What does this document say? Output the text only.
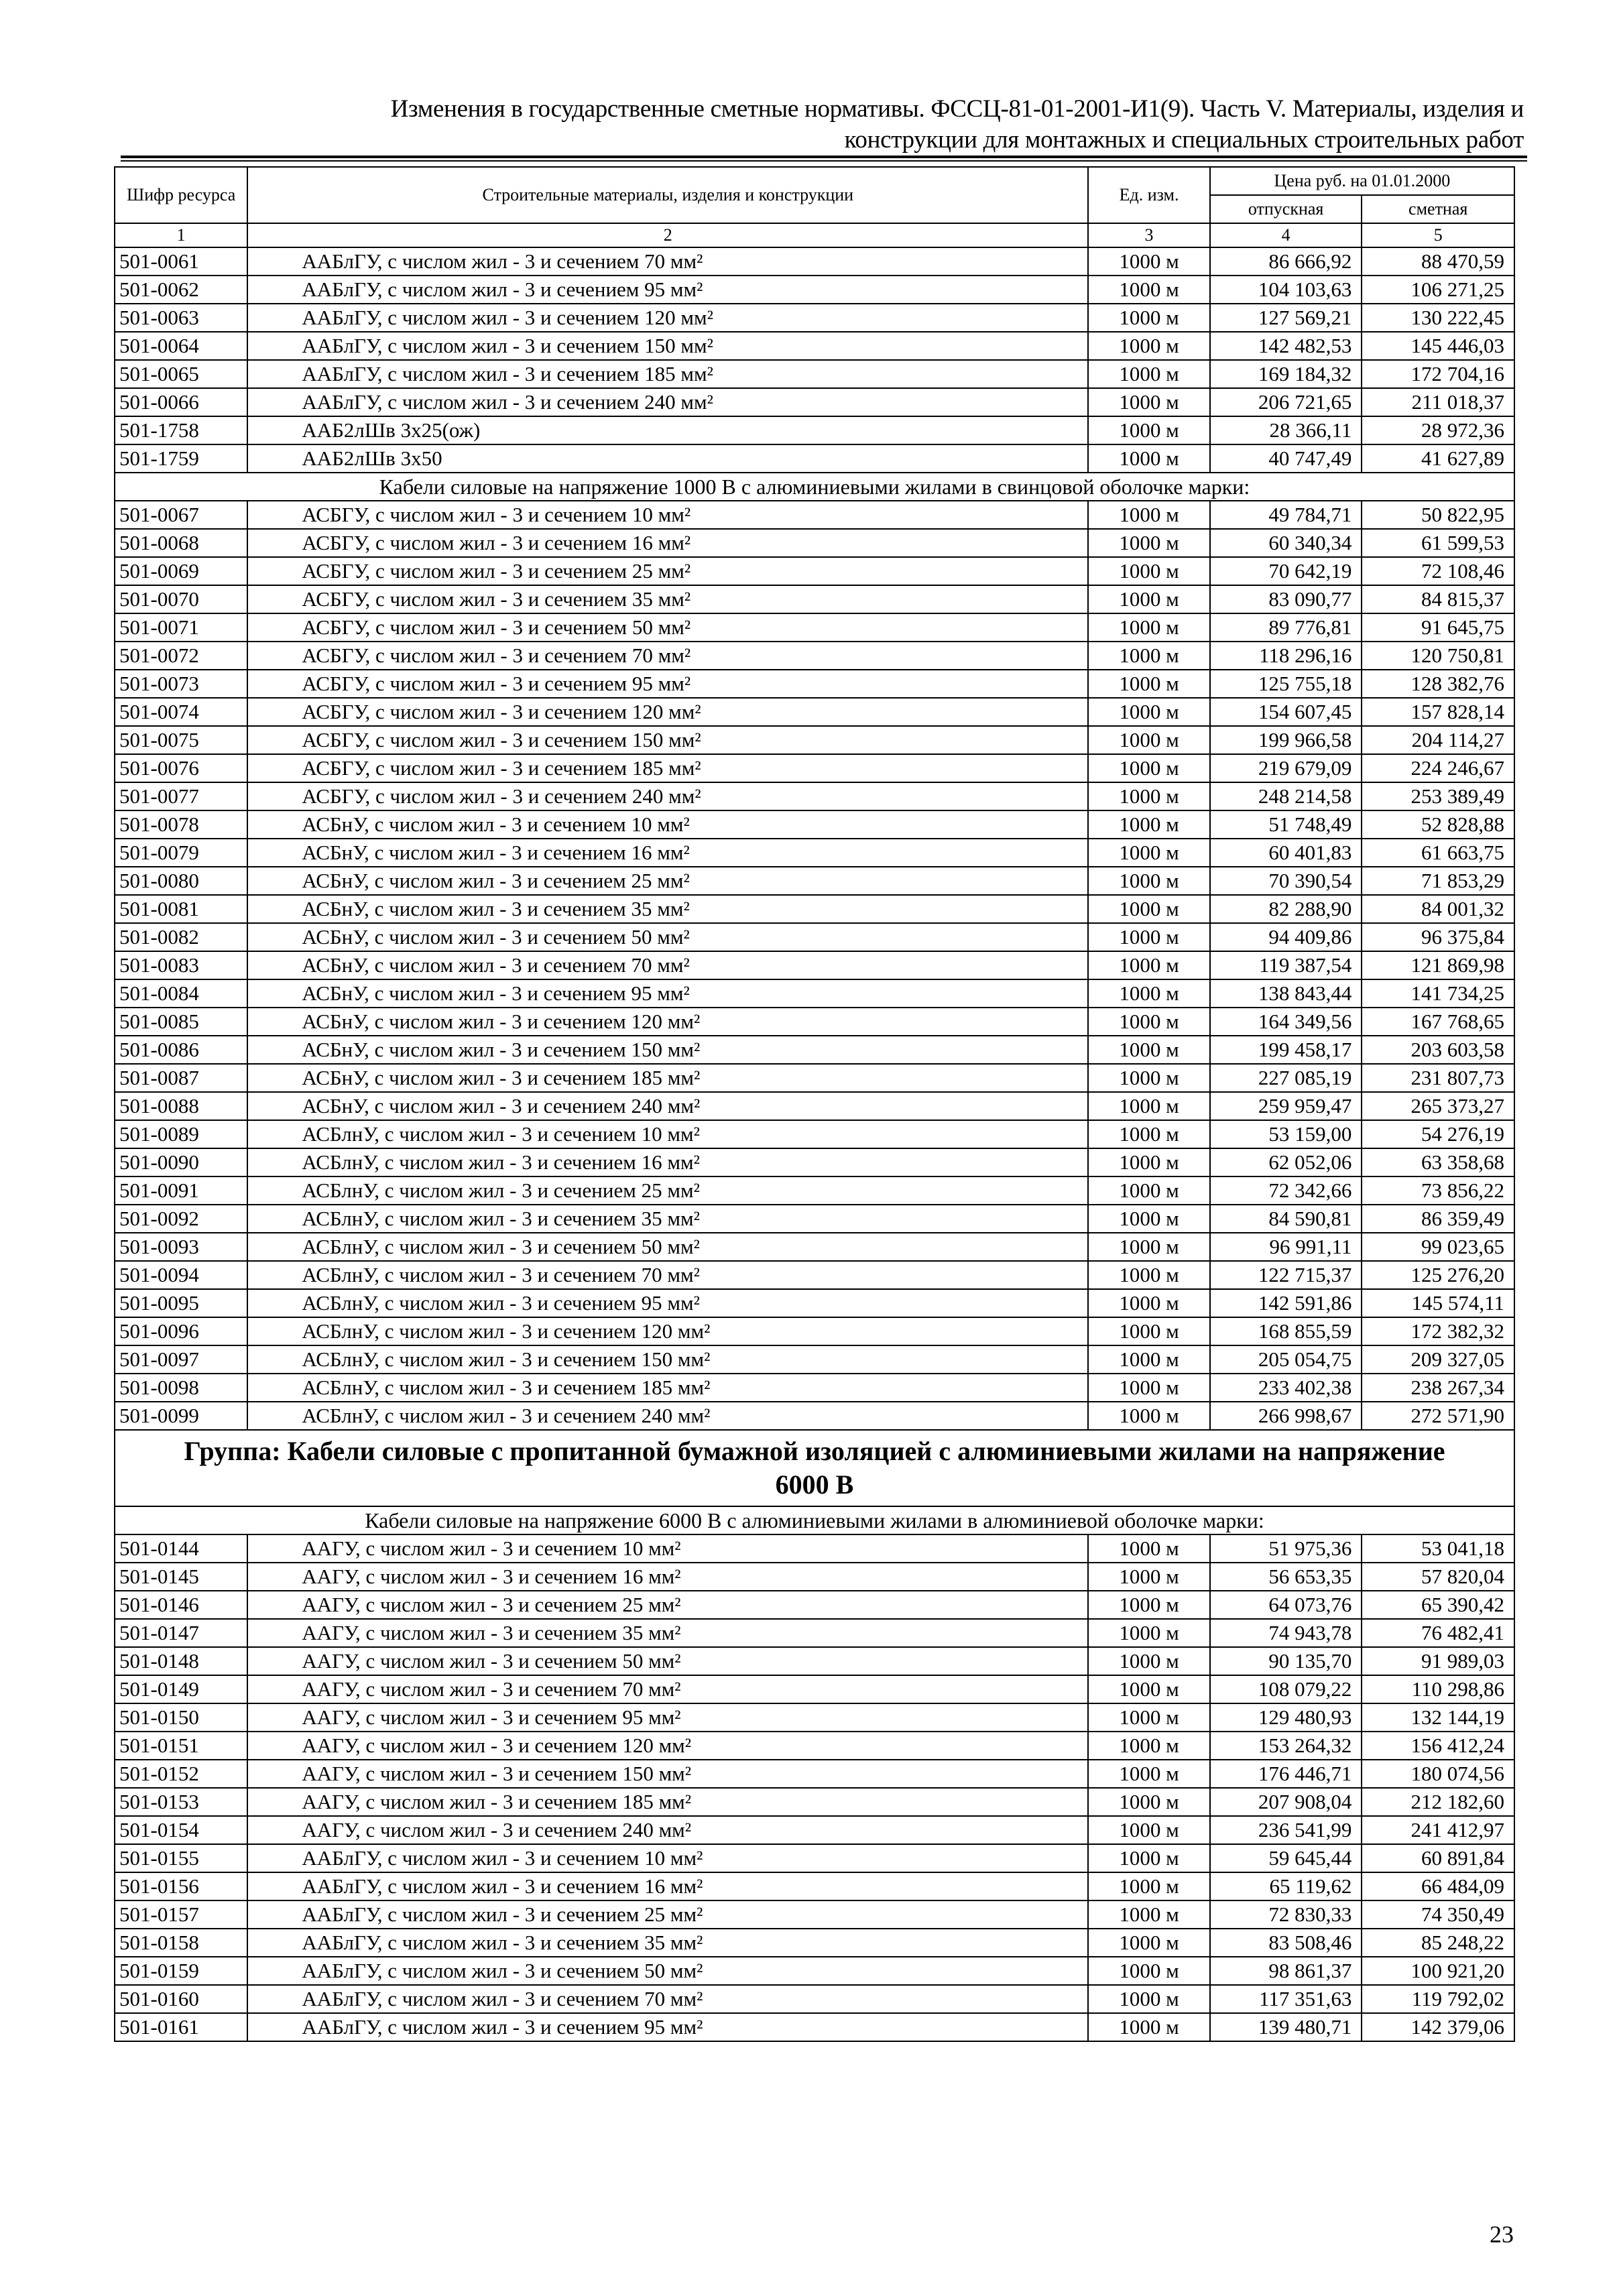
Изменения в государственные сметные нормативы. ФССЦ-81-01-2001-И1(9). Часть V. Материалы, изделия и
конструкции для монтажных и специальных строительных работ
Шифр ресурса	Строительные материалы, изделия и конструкции	Ед. изм.	Цена руб. на 01.01.2000	
			отпускная	сметная
1	2	3	4	5
501-0061	ААБлГУ, с числом жил - 3 и сечением 70 мм²	1000 м	86 666,92	88 470,59
501-0062	ААБлГУ, с числом жил - 3 и сечением 95 мм²	1000 м	104 103,63	106 271,25
501-0063	ААБлГУ, с числом жил - 3 и сечением 120 мм²	1000 м	127 569,21	130 222,45
501-0064	ААБлГУ, с числом жил - 3 и сечением 150 мм²	1000 м	142 482,53	145 446,03
501-0065	ААБлГУ, с числом жил - 3 и сечением 185 мм²	1000 м	169 184,32	172 704,16
501-0066	ААБлГУ, с числом жил - 3 и сечением 240 мм²	1000 м	206 721,65	211 018,37
501-1758	ААБ2лШв 3х25(ож)	1000 м	28 366,11	28 972,36
501-1759	ААБ2лШв 3х50	1000 м	40 747,49	41 627,89
Кабели силовые на напряжение 1000 В с алюминиевыми жилами в свинцовой оболочке марки:				
501-0067	АСБГУ, с числом жил - 3 и сечением 10 мм²	1000 м	49 784,71	50 822,95
501-0068	АСБГУ, с числом жил - 3 и сечением 16 мм²	1000 м	60 340,34	61 599,53
501-0069	АСБГУ, с числом жил - 3 и сечением 25 мм²	1000 м	70 642,19	72 108,46
501-0070	АСБГУ, с числом жил - 3 и сечением 35 мм²	1000 м	83 090,77	84 815,37
501-0071	АСБГУ, с числом жил - 3 и сечением 50 мм²	1000 м	89 776,81	91 645,75
501-0072	АСБГУ, с числом жил - 3 и сечением 70 мм²	1000 м	118 296,16	120 750,81
501-0073	АСБГУ, с числом жил - 3 и сечением 95 мм²	1000 м	125 755,18	128 382,76
501-0074	АСБГУ, с числом жил - 3 и сечением 120 мм²	1000 м	154 607,45	157 828,14
501-0075	АСБГУ, с числом жил - 3 и сечением 150 мм²	1000 м	199 966,58	204 114,27
501-0076	АСБГУ, с числом жил - 3 и сечением 185 мм²	1000 м	219 679,09	224 246,67
501-0077	АСБГУ, с числом жил - 3 и сечением 240 мм²	1000 м	248 214,58	253 389,49
501-0078	АСБнУ, с числом жил - 3 и сечением 10 мм²	1000 м	51 748,49	52 828,88
501-0079	АСБнУ, с числом жил - 3 и сечением 16 мм²	1000 м	60 401,83	61 663,75
501-0080	АСБнУ, с числом жил - 3 и сечением 25 мм²	1000 м	70 390,54	71 853,29
501-0081	АСБнУ, с числом жил - 3 и сечением 35 мм²	1000 м	82 288,90	84 001,32
501-0082	АСБнУ, с числом жил - 3 и сечением 50 мм²	1000 м	94 409,86	96 375,84
501-0083	АСБнУ, с числом жил - 3 и сечением 70 мм²	1000 м	119 387,54	121 869,98
501-0084	АСБнУ, с числом жил - 3 и сечением 95 мм²	1000 м	138 843,44	141 734,25
501-0085	АСБнУ, с числом жил - 3 и сечением 120 мм²	1000 м	164 349,56	167 768,65
501-0086	АСБнУ, с числом жил - 3 и сечением 150 мм²	1000 м	199 458,17	203 603,58
501-0087	АСБнУ, с числом жил - 3 и сечением 185 мм²	1000 м	227 085,19	231 807,73
501-0088	АСБнУ, с числом жил - 3 и сечением 240 мм²	1000 м	259 959,47	265 373,27
501-0089	АСБлнУ, с числом жил - 3 и сечением 10 мм²	1000 м	53 159,00	54 276,19
501-0090	АСБлнУ, с числом жил - 3 и сечением 16 мм²	1000 м	62 052,06	63 358,68
501-0091	АСБлнУ, с числом жил - 3 и сечением 25 мм²	1000 м	72 342,66	73 856,22
501-0092	АСБлнУ, с числом жил - 3 и сечением 35 мм²	1000 м	84 590,81	86 359,49
501-0093	АСБлнУ, с числом жил - 3 и сечением 50 мм²	1000 м	96 991,11	99 023,65
501-0094	АСБлнУ, с числом жил - 3 и сечением 70 мм²	1000 м	122 715,37	125 276,20
501-0095	АСБлнУ, с числом жил - 3 и сечением 95 мм²	1000 м	142 591,86	145 574,11
501-0096	АСБлнУ, с числом жил - 3 и сечением 120 мм²	1000 м	168 855,59	172 382,32
501-0097	АСБлнУ, с числом жил - 3 и сечением 150 мм²	1000 м	205 054,75	209 327,05
501-0098	АСБлнУ, с числом жил - 3 и сечением 185 мм²	1000 м	233 402,38	238 267,34
501-0099	АСБлнУ, с числом жил - 3 и сечением 240 мм²	1000 м	266 998,67	272 571,90
Группа: Кабели силовые с пропитанной бумажной изоляцией с алюминиевыми жилами на напряжение 6000 В				
Кабели силовые на напряжение 6000 В с алюминиевыми жилами в алюминиевой оболочке марки:				
501-0144	ААГУ, с числом жил - 3 и сечением 10 мм²	1000 м	51 975,36	53 041,18
501-0145	ААГУ, с числом жил - 3 и сечением 16 мм²	1000 м	56 653,35	57 820,04
501-0146	ААГУ, с числом жил - 3 и сечением 25 мм²	1000 м	64 073,76	65 390,42
501-0147	ААГУ, с числом жил - 3 и сечением 35 мм²	1000 м	74 943,78	76 482,41
501-0148	ААГУ, с числом жил - 3 и сечением 50 мм²	1000 м	90 135,70	91 989,03
501-0149	ААГУ, с числом жил - 3 и сечением 70 мм²	1000 м	108 079,22	110 298,86
501-0150	ААГУ, с числом жил - 3 и сечением 95 мм²	1000 м	129 480,93	132 144,19
501-0151	ААГУ, с числом жил - 3 и сечением 120 мм²	1000 м	153 264,32	156 412,24
501-0152	ААГУ, с числом жил - 3 и сечением 150 мм²	1000 м	176 446,71	180 074,56
501-0153	ААГУ, с числом жил - 3 и сечением 185 мм²	1000 м	207 908,04	212 182,60
501-0154	ААГУ, с числом жил - 3 и сечением 240 мм²	1000 м	236 541,99	241 412,97
501-0155	ААБлГУ, с числом жил - 3 и сечением 10 мм²	1000 м	59 645,44	60 891,84
501-0156	ААБлГУ, с числом жил - 3 и сечением 16 мм²	1000 м	65 119,62	66 484,09
501-0157	ААБлГУ, с числом жил - 3 и сечением 25 мм²	1000 м	72 830,33	74 350,49
501-0158	ААБлГУ, с числом жил - 3 и сечением 35 мм²	1000 м	83 508,46	85 248,22
501-0159	ААБлГУ, с числом жил - 3 и сечением 50 мм²	1000 м	98 861,37	100 921,20
501-0160	ААБлГУ, с числом жил - 3 и сечением 70 мм²	1000 м	117 351,63	119 792,02
501-0161	ААБлГУ, с числом жил - 3 и сечением 95 мм²	1000 м	139 480,71	142 379,06
23
